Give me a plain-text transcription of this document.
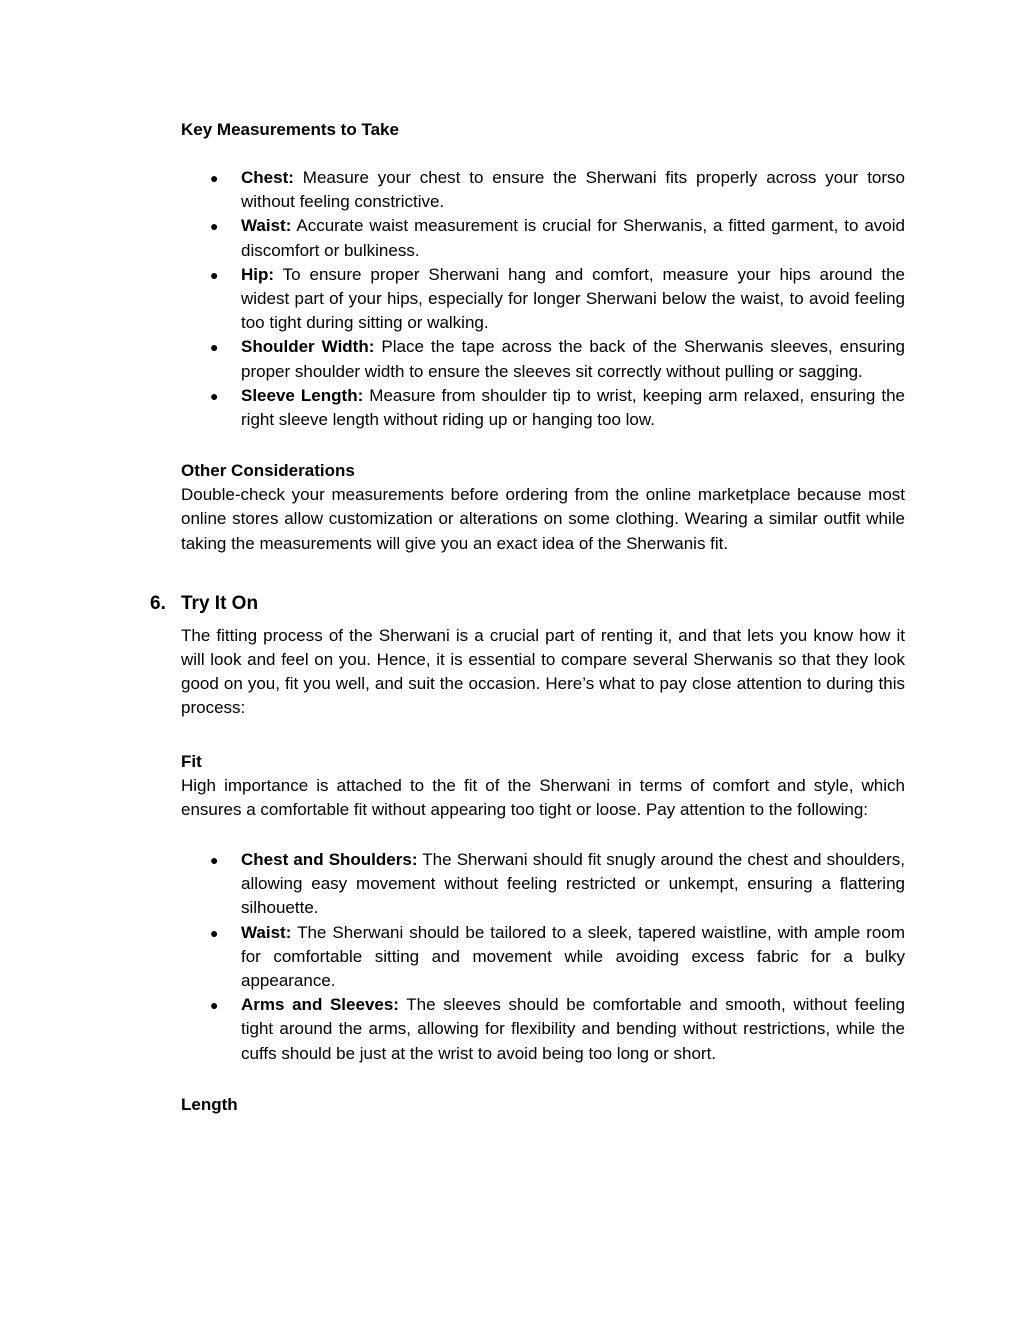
Key Measurements to Take

● Chest: Measure your chest to ensure the Sherwani fits properly across your torso without feeling constrictive.
● Waist: Accurate waist measurement is crucial for Sherwanis, a fitted garment, to avoid discomfort or bulkiness.
● Hip: To ensure proper Sherwani hang and comfort, measure your hips around the widest part of your hips, especially for longer Sherwani below the waist, to avoid feeling too tight during sitting or walking.
● Shoulder Width: Place the tape across the back of the Sherwanis sleeves, ensuring proper shoulder width to ensure the sleeves sit correctly without pulling or sagging.
● Sleeve Length: Measure from shoulder tip to wrist, keeping arm relaxed, ensuring the right sleeve length without riding up or hanging too low.

Other Considerations

Double-check your measurements before ordering from the online marketplace because most online stores allow customization or alterations on some clothing. Wearing a similar outfit while taking the measurements will give you an exact idea of the Sherwanis fit.

6. Try It On

The fitting process of the Sherwani is a crucial part of renting it, and that lets you know how it will look and feel on you. Hence, it is essential to compare several Sherwanis so that they look good on you, fit you well, and suit the occasion. Here’s what to pay close attention to during this process:

Fit

High importance is attached to the fit of the Sherwani in terms of comfort and style, which ensures a comfortable fit without appearing too tight or loose. Pay attention to the following:

● Chest and Shoulders: The Sherwani should fit snugly around the chest and shoulders, allowing easy movement without feeling restricted or unkempt, ensuring a flattering silhouette.
● Waist: The Sherwani should be tailored to a sleek, tapered waistline, with ample room for comfortable sitting and movement while avoiding excess fabric for a bulky appearance.
● Arms and Sleeves: The sleeves should be comfortable and smooth, without feeling tight around the arms, allowing for flexibility and bending without restrictions, while the cuffs should be just at the wrist to avoid being too long or short.

Length
